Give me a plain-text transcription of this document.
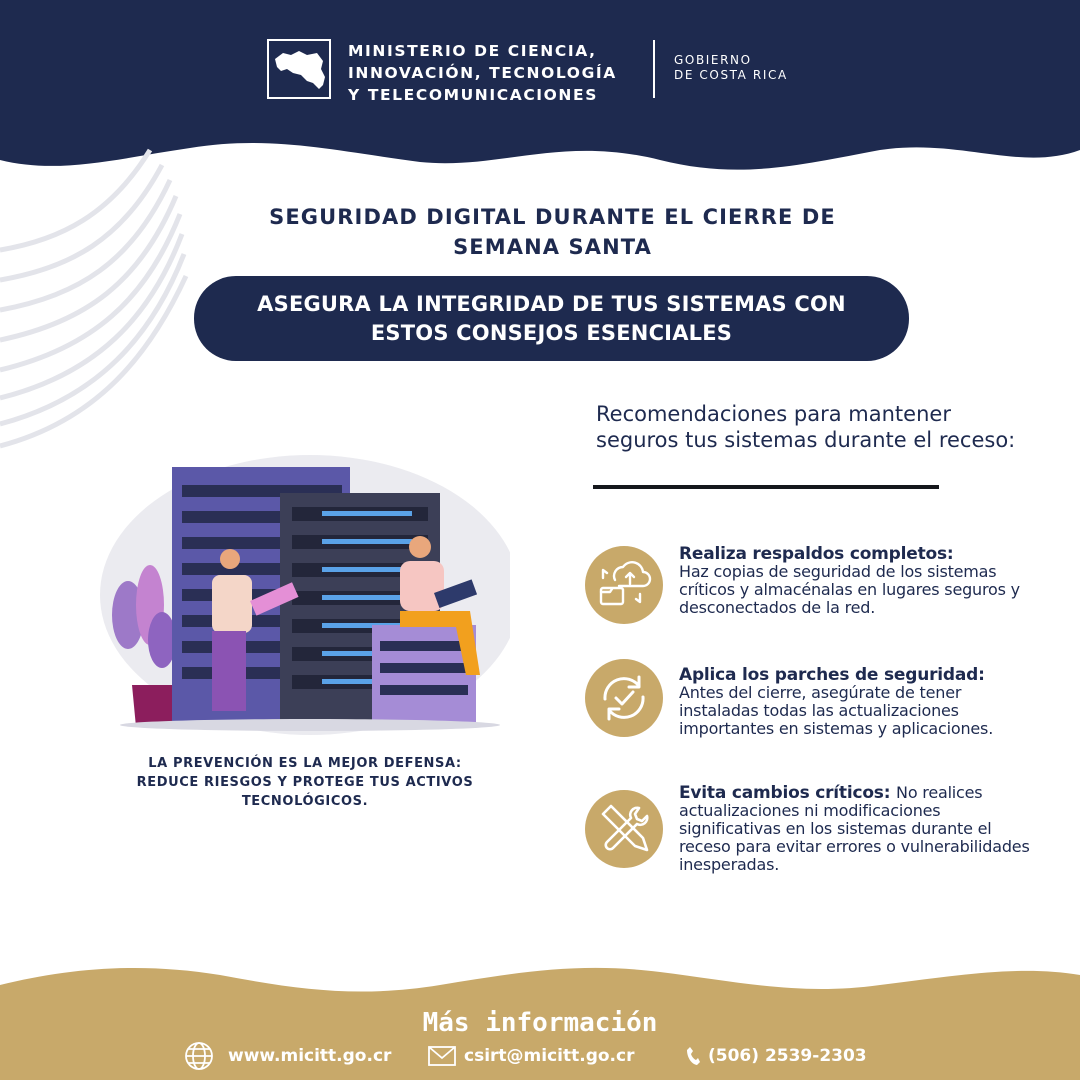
MINISTERIO DE CIENCIA,
INNOVACIÓN, TECNOLOGÍA
Y TELECOMUNICACIONES
GOBIERNO
DE COSTA RICA
SEGURIDAD DIGITAL DURANTE EL CIERRE DE
SEMANA SANTA
ASEGURA LA INTEGRIDAD DE TUS SISTEMAS CON
ESTOS CONSEJOS ESENCIALES
LA PREVENCIÓN ES LA MEJOR DEFENSA:
REDUCE RIESGOS Y PROTEGE TUS ACTIVOS
TECNOLÓGICOS.
Recomendaciones para mantener seguros tus sistemas durante el receso:
Realiza respaldos completos:
Haz copias de seguridad de los sistemas críticos y almacénalas en lugares seguros y desconectados de la red.
Aplica los parches de seguridad:
Antes del cierre, asegúrate de tener instaladas todas las actualizaciones importantes en sistemas y aplicaciones.
Evita cambios críticos: No realices actualizaciones ni modificaciones significativas en los sistemas durante el receso para evitar errores o vulnerabilidades inesperadas.
Más información
www.micitt.go.cr	csirt@micitt.go.cr	(506) 2539-2303
